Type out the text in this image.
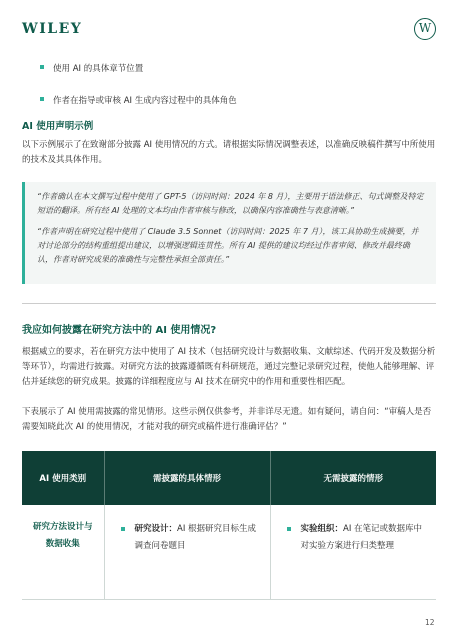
WILEY	W
使用 AI 的具体章节位置
作者在指导或审核 AI 生成内容过程中的具体角色
AI 使用声明示例

以下示例展示了在致谢部分披露 AI 使用情况的方式。请根据实际情况调整表述，以准确反映稿件撰写中所使用的技术及其具体作用。

“作者确认在本文撰写过程中使用了 GPT-5（访问时间：2024 年 8 月），主要用于语法修正、句式调整及特定短语的翻译。所有经 AI 处理的文本均由作者审核与修改，以确保内容准确性与表意清晰。”

“作者声明在研究过程中使用了 Claude 3.5 Sonnet（访问时间：2025 年 7 月），该工具协助生成摘要，并对讨论部分的结构重组提出建议，以增强逻辑连贯性。所有 AI 提供的建议均经过作者审阅、修改并最终确认，作者对研究成果的准确性与完整性承担全部责任。”

我应如何披露在研究方法中的 AI 使用情况?

根据威立的要求，若在研究方法中使用了 AI 技术（包括研究设计与数据收集、文献综述、代码开发及数据分析等环节），均需进行披露。对研究方法的披露遵循既有科研规范，通过完整记录研究过程，使他人能够理解、评估并延续您的研究成果。披露的详细程度应与 AI 技术在研究中的作用和重要性相匹配。

下表展示了 AI 使用需披露的常见情形。这些示例仅供参考，并非详尽无遗。如有疑问，请自问：“审稿人是否需要知晓此次 AI 的使用情况，才能对我的研究或稿件进行准确评估？”

AI 使用类别	需披露的具体情形	无需披露的情形
研究方法设计与数据收集	研究设计：AI 根据研究目标生成调查问卷题目	实验组织：AI 在笔记或数据库中对实验方案进行归类整理
12
